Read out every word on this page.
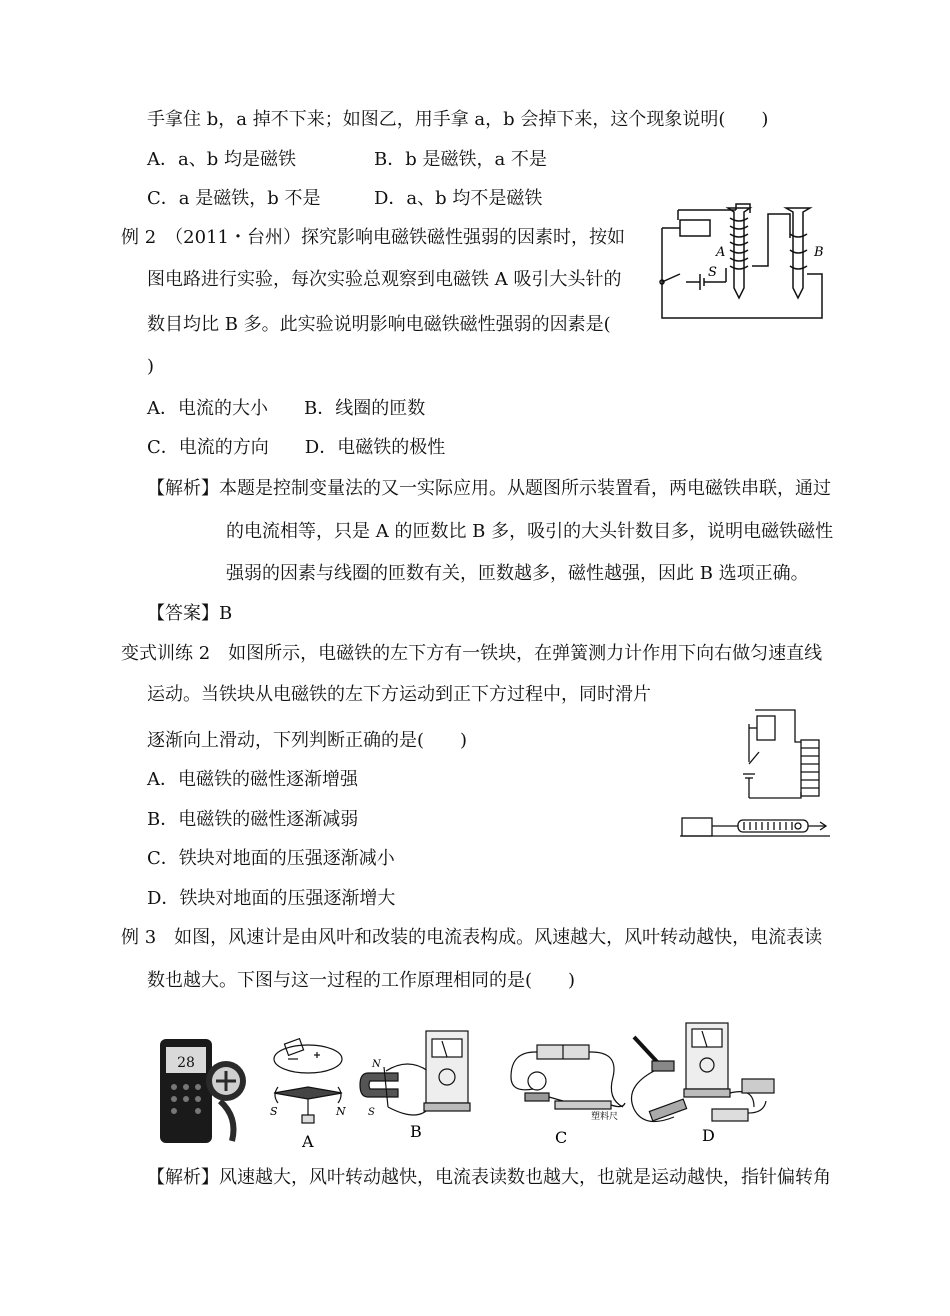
手拿住 b，a 掉不下来；如图乙，用手拿 a，b 会掉下来，这个现象说明(　　)
A．a、b 均是磁铁	B．b 是磁铁，a 不是
C．a 是磁铁，b 不是	D．a、b 均不是磁铁
例 2　（2011・台州）探究影响电磁铁磁性强弱的因素时，按如
图电路进行实验，每次实验总观察到电磁铁 A 吸引大头针的
数目均比 B 多。此实验说明影响电磁铁磁性强弱的因素是(
)
A．电流的大小　　B．线圈的匝数
C．电流的方向　　D．电磁铁的极性
【解析】本题是控制变量法的又一实际应用。从题图所示装置看，两电磁铁串联，通过
的电流相等，只是 A 的匝数比 B 多，吸引的大头针数目多，说明电磁铁磁性
强弱的因素与线圈的匝数有关，匝数越多，磁性越强，因此 B 选项正确。
【答案】B
变式训练 2　如图所示，电磁铁的左下方有一铁块，在弹簧测力计作用下向右做匀速直线
运动。当铁块从电磁铁的左下方运动到正下方过程中，同时滑片
逐渐向上滑动，下列判断正确的是(　　)
A．电磁铁的磁性逐渐增强
B．电磁铁的磁性逐渐减弱
C．铁块对地面的压强逐渐减小
D．铁块对地面的压强逐渐增大
例 3　如图，风速计是由风叶和改装的电流表构成。风速越大，风叶转动越快，电流表读
数也越大。下图与这一过程的工作原理相同的是(　　)
【解析】风速越大，风叶转动越快，电流表读数也越大，也就是运动越快，指针偏转角
S
A	B
28
S	N
A
N
S
B
塑料尺
C	D
